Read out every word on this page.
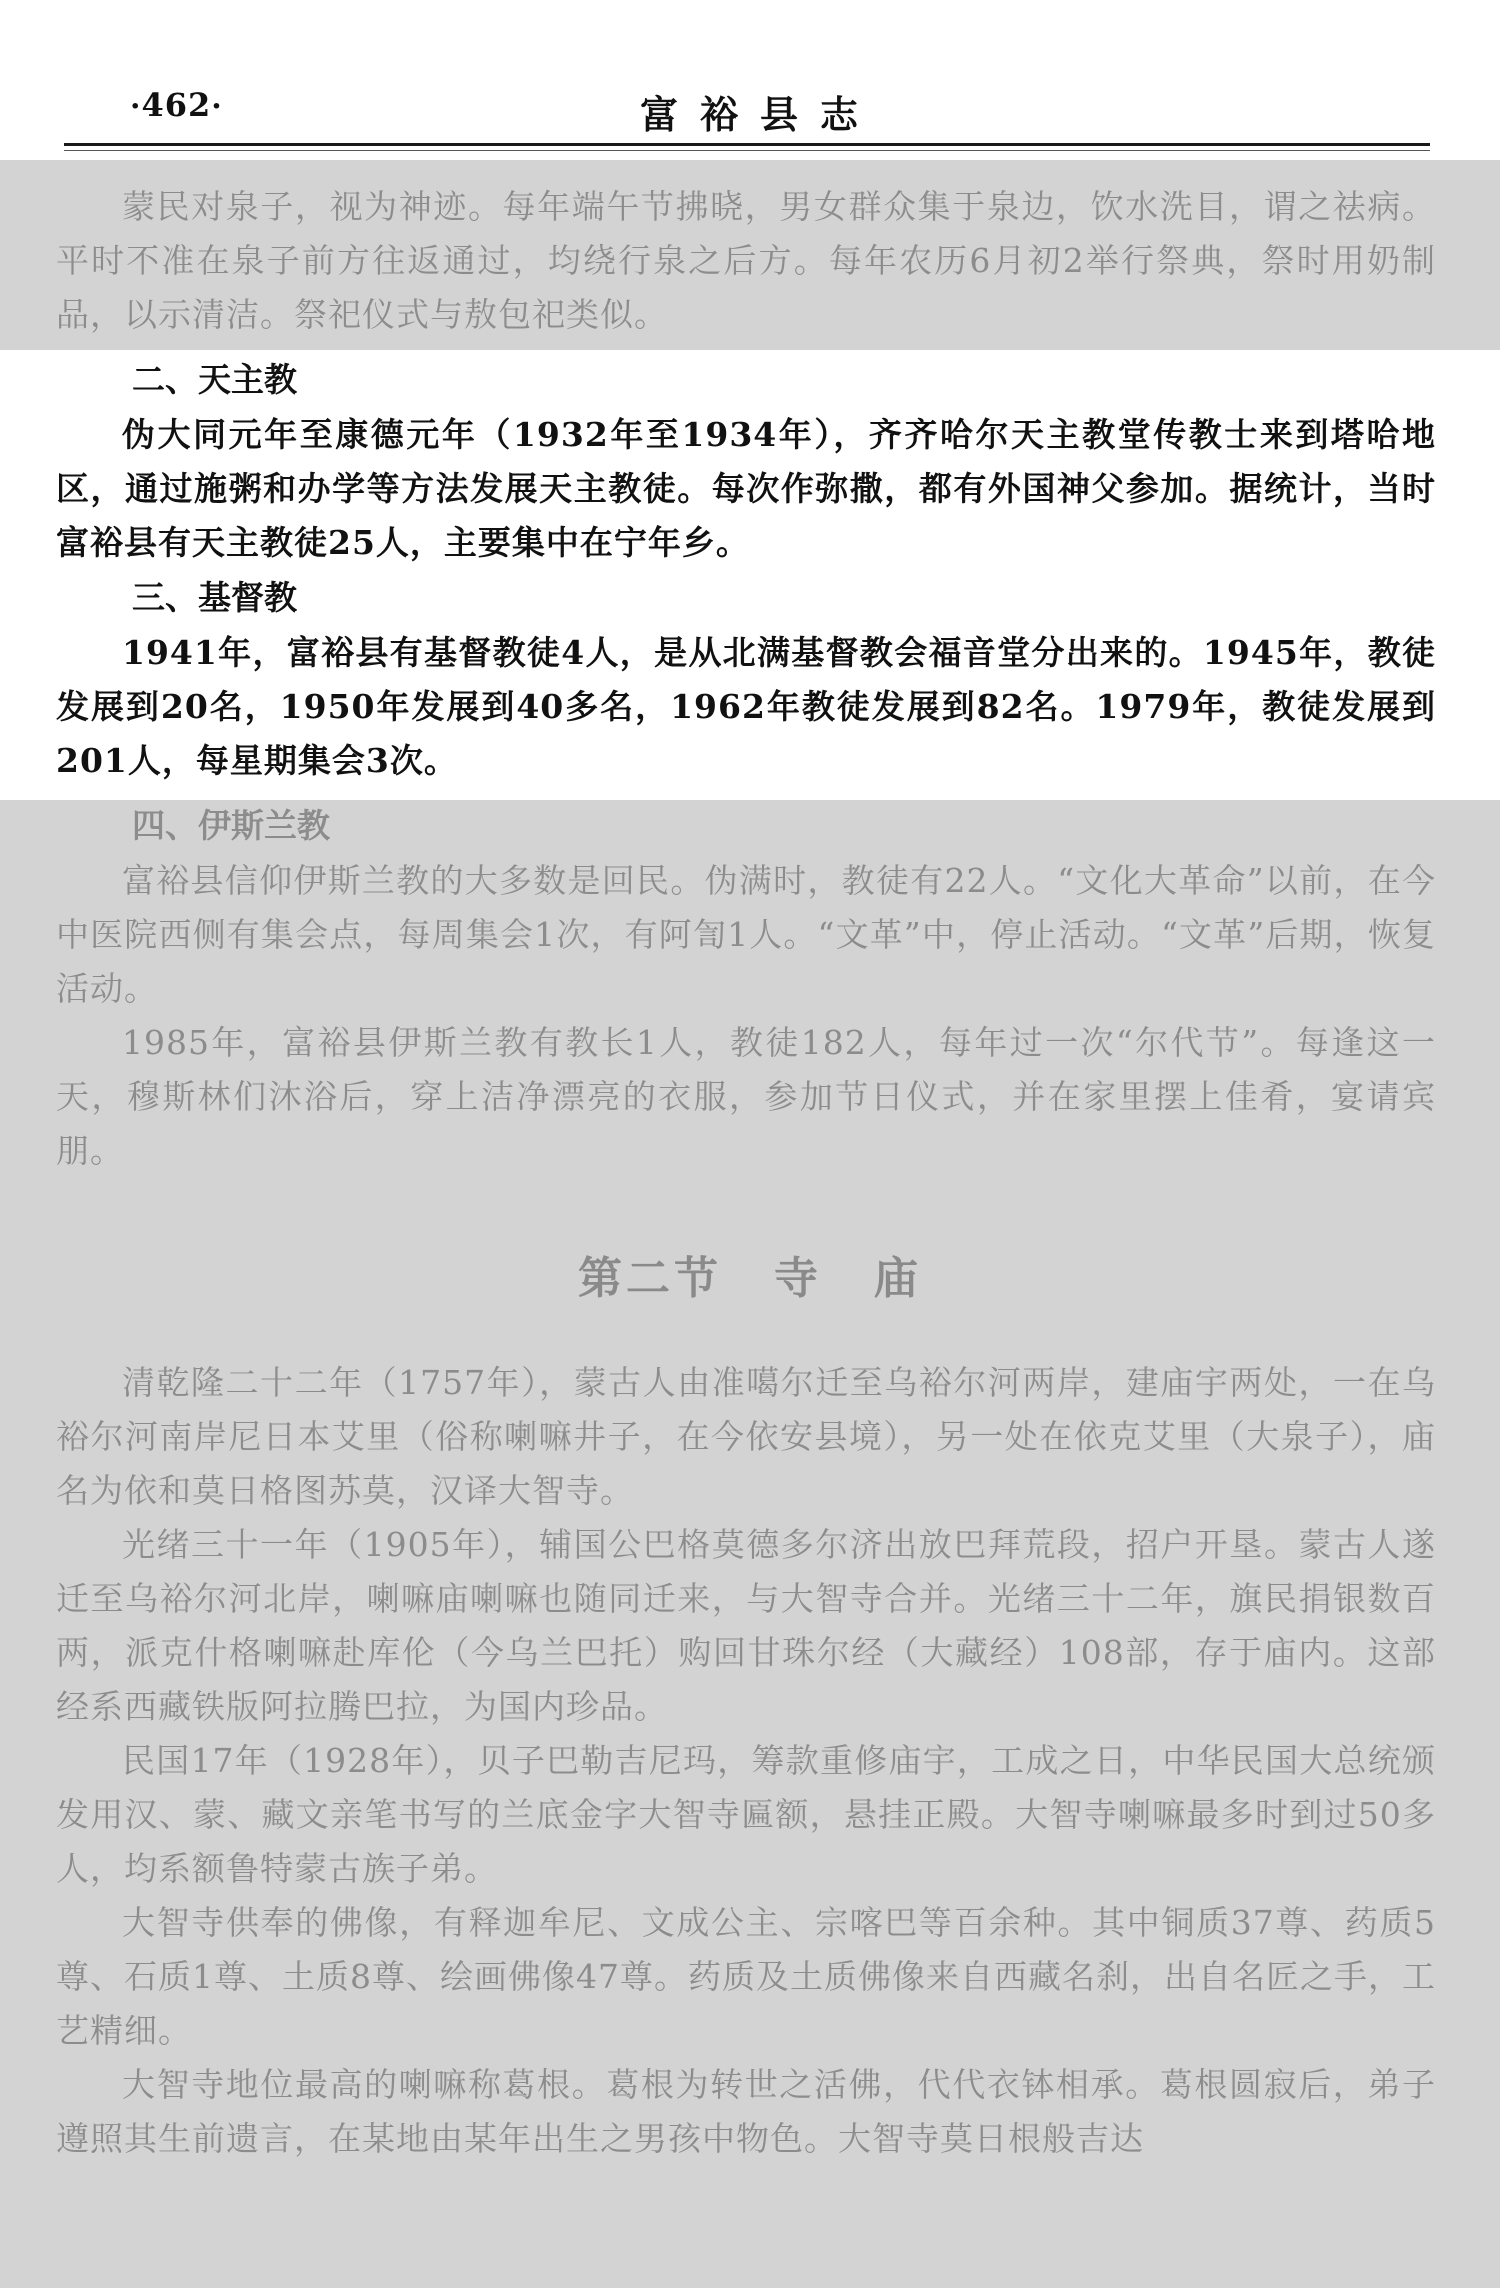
·462·	富裕县志

蒙民对泉子，视为神迹。每年端午节拂晓，男女群众集于泉边，饮水洗目，谓之祛病。平时不准在泉子前方往返通过，均绕行泉之后方。每年农历6月初2举行祭典，祭时用奶制品，以示清洁。祭祀仪式与敖包祀类似。

二、天主教

伪大同元年至康德元年（1932年至1934年），齐齐哈尔天主教堂传教士来到塔哈地区，通过施粥和办学等方法发展天主教徒。每次作弥撒，都有外国神父参加。据统计，当时富裕县有天主教徒25人，主要集中在宁年乡。

三、基督教

1941年，富裕县有基督教徒4人，是从北满基督教会福音堂分出来的。1945年，教徒发展到20名，1950年发展到40多名，1962年教徒发展到82名。1979年，教徒发展到201人，每星期集会3次。

四、伊斯兰教

富裕县信仰伊斯兰教的大多数是回民。伪满时，教徒有22人。“文化大革命”以前，在今中医院西侧有集会点，每周集会1次，有阿訇1人。“文革”中，停止活动。“文革”后期，恢复活动。

1985年，富裕县伊斯兰教有教长1人，教徒182人，每年过一次“尔代节”。每逢这一天，穆斯林们沐浴后，穿上洁净漂亮的衣服，参加节日仪式，并在家里摆上佳肴，宴请宾朋。

第二节 寺 庙

清乾隆二十二年（1757年），蒙古人由准噶尔迁至乌裕尔河两岸，建庙宇两处，一在乌裕尔河南岸尼日本艾里（俗称喇嘛井子，在今依安县境），另一处在依克艾里（大泉子），庙名为依和莫日格图苏莫，汉译大智寺。

光绪三十一年（1905年），辅国公巴格莫德多尔济出放巴拜荒段，招户开垦。蒙古人遂迁至乌裕尔河北岸，喇嘛庙喇嘛也随同迁来，与大智寺合并。光绪三十二年，旗民捐银数百两，派克什格喇嘛赴库伦（今乌兰巴托）购回甘珠尔经（大藏经）108部，存于庙内。这部经系西藏铁版阿拉腾巴拉，为国内珍品。

民国17年（1928年），贝子巴勒吉尼玛，筹款重修庙宇，工成之日，中华民国大总统颁发用汉、蒙、藏文亲笔书写的兰底金字大智寺匾额，悬挂正殿。大智寺喇嘛最多时到过50多人，均系额鲁特蒙古族子弟。

大智寺供奉的佛像，有释迦牟尼、文成公主、宗喀巴等百余种。其中铜质37尊、药质5尊、石质1尊、土质8尊、绘画佛像47尊。药质及土质佛像来自西藏名刹，出自名匠之手，工艺精细。

大智寺地位最高的喇嘛称葛根。葛根为转世之活佛，代代衣钵相承。葛根圆寂后，弟子遵照其生前遗言，在某地由某年出生之男孩中物色。大智寺莫日根般吉达
